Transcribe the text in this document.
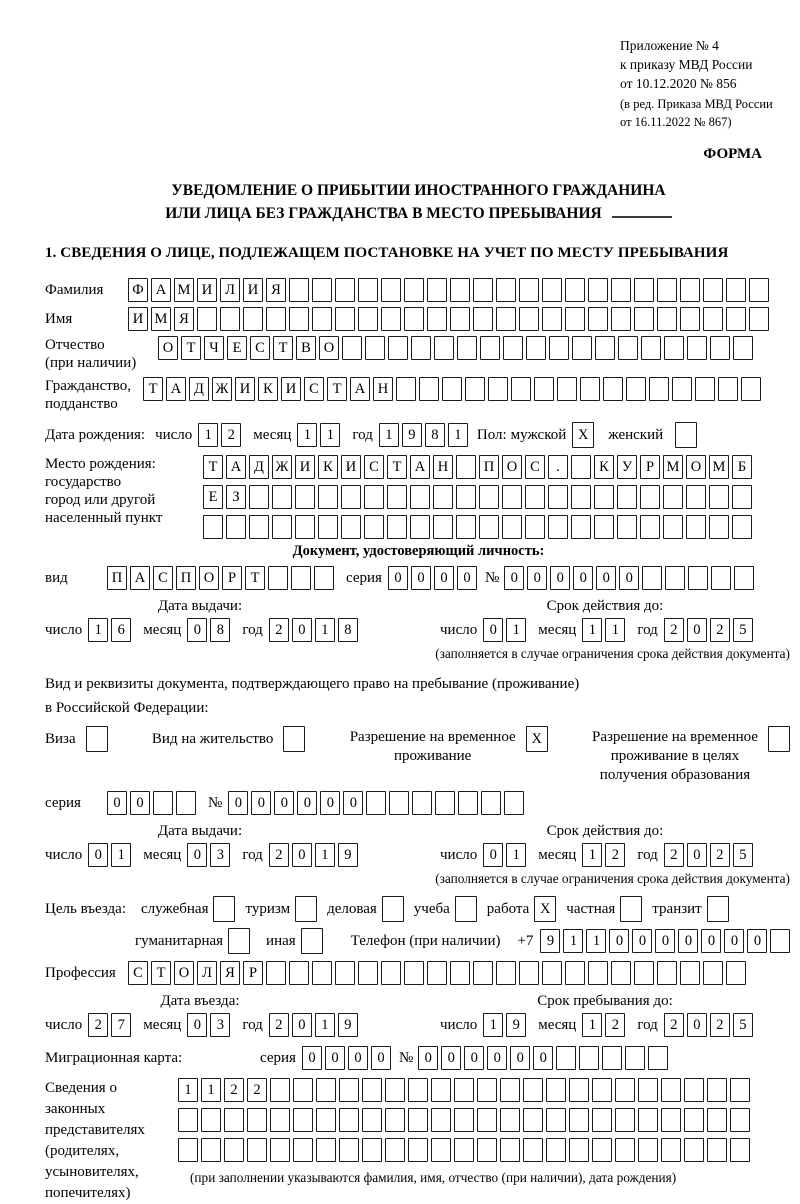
Приложение № 4
к приказу МВД России
от 10.12.2020 № 856
(в ред. Приказа МВД России
от 16.11.2022 № 867)
ФОРМА
УВЕДОМЛЕНИЕ О ПРИБЫТИИ ИНОСТРАННОГО ГРАЖДАНИНА
ИЛИ ЛИЦА БЕЗ ГРАЖДАНСТВА В МЕСТО ПРЕБЫВАНИЯ
1. СВЕДЕНИЯ О ЛИЦЕ, ПОДЛЕЖАЩЕМ ПОСТАНОВКЕ НА УЧЕТ ПО МЕСТУ ПРЕБЫВАНИЯ
Фамилия	Ф А М И Л И Я
Имя	И М Я
Отчество
(при наличии)
О Т Ч Е С Т В О
Гражданство,
подданство
Т А Д Ж И К И С Т А Н
Дата рождения: число 1	2	месяц 1	1	год 1	9	8	1	Пол: мужской X	женский
Место рождения:
государство
город или другой
населенный пункт
Т А Д Ж И К И С Т А Н	П О С	.	К У Р М О М Б
Е	З
Документ, удостоверяющий личность:
вид	П А С П О Р	Т	серия 0	0	0	0 № 0	0	0	0	0	0
Дата выдачи:
число 1	6	месяц 0	8	год 2	0	1	8
Срок действия до:
число 0	1	месяц 1	1	год 2	0	2	5
(заполняется в случае ограничения срока действия документа)
Вид и реквизиты документа, подтверждающего право на пребывание (проживание)
в Российской Федерации:
Виза	Вид на жительство	Разрешение на временное
проживание
X	Разрешение на временное
проживание в целях
получения образования
серия	0	0	№ 0	0	0	0	0	0
Дата выдачи:
число 0	1	месяц 0	3	год 2	0	1	9
Срок действия до:
число 0	1	месяц 1	2	год 2	0	2	5
(заполняется в случае ограничения срока действия документа)
Цель въезда: служебная туризм деловая учеба работа X	частная транзит
гуманитарная	иная	Телефон (при наличии) +7 9	1	1	0	0	0	0	0	0	0
Профессия	С Т О Л Я Р
Дата въезда:
число 2	7	месяц 0	3	год 2	0	1	9
Срок пребывания до:
число 1	9	месяц 1	2	год 2	0	2	5
Миграционная карта:	серия 0	0	0	0 № 0	0	0	0	0	0
Сведения о
законных
представителях
(родителях,
усыновителях,
попечителях)
1	1	2	2
(при заполнении указываются фамилия, имя, отчество (при наличии), дата рождения)
